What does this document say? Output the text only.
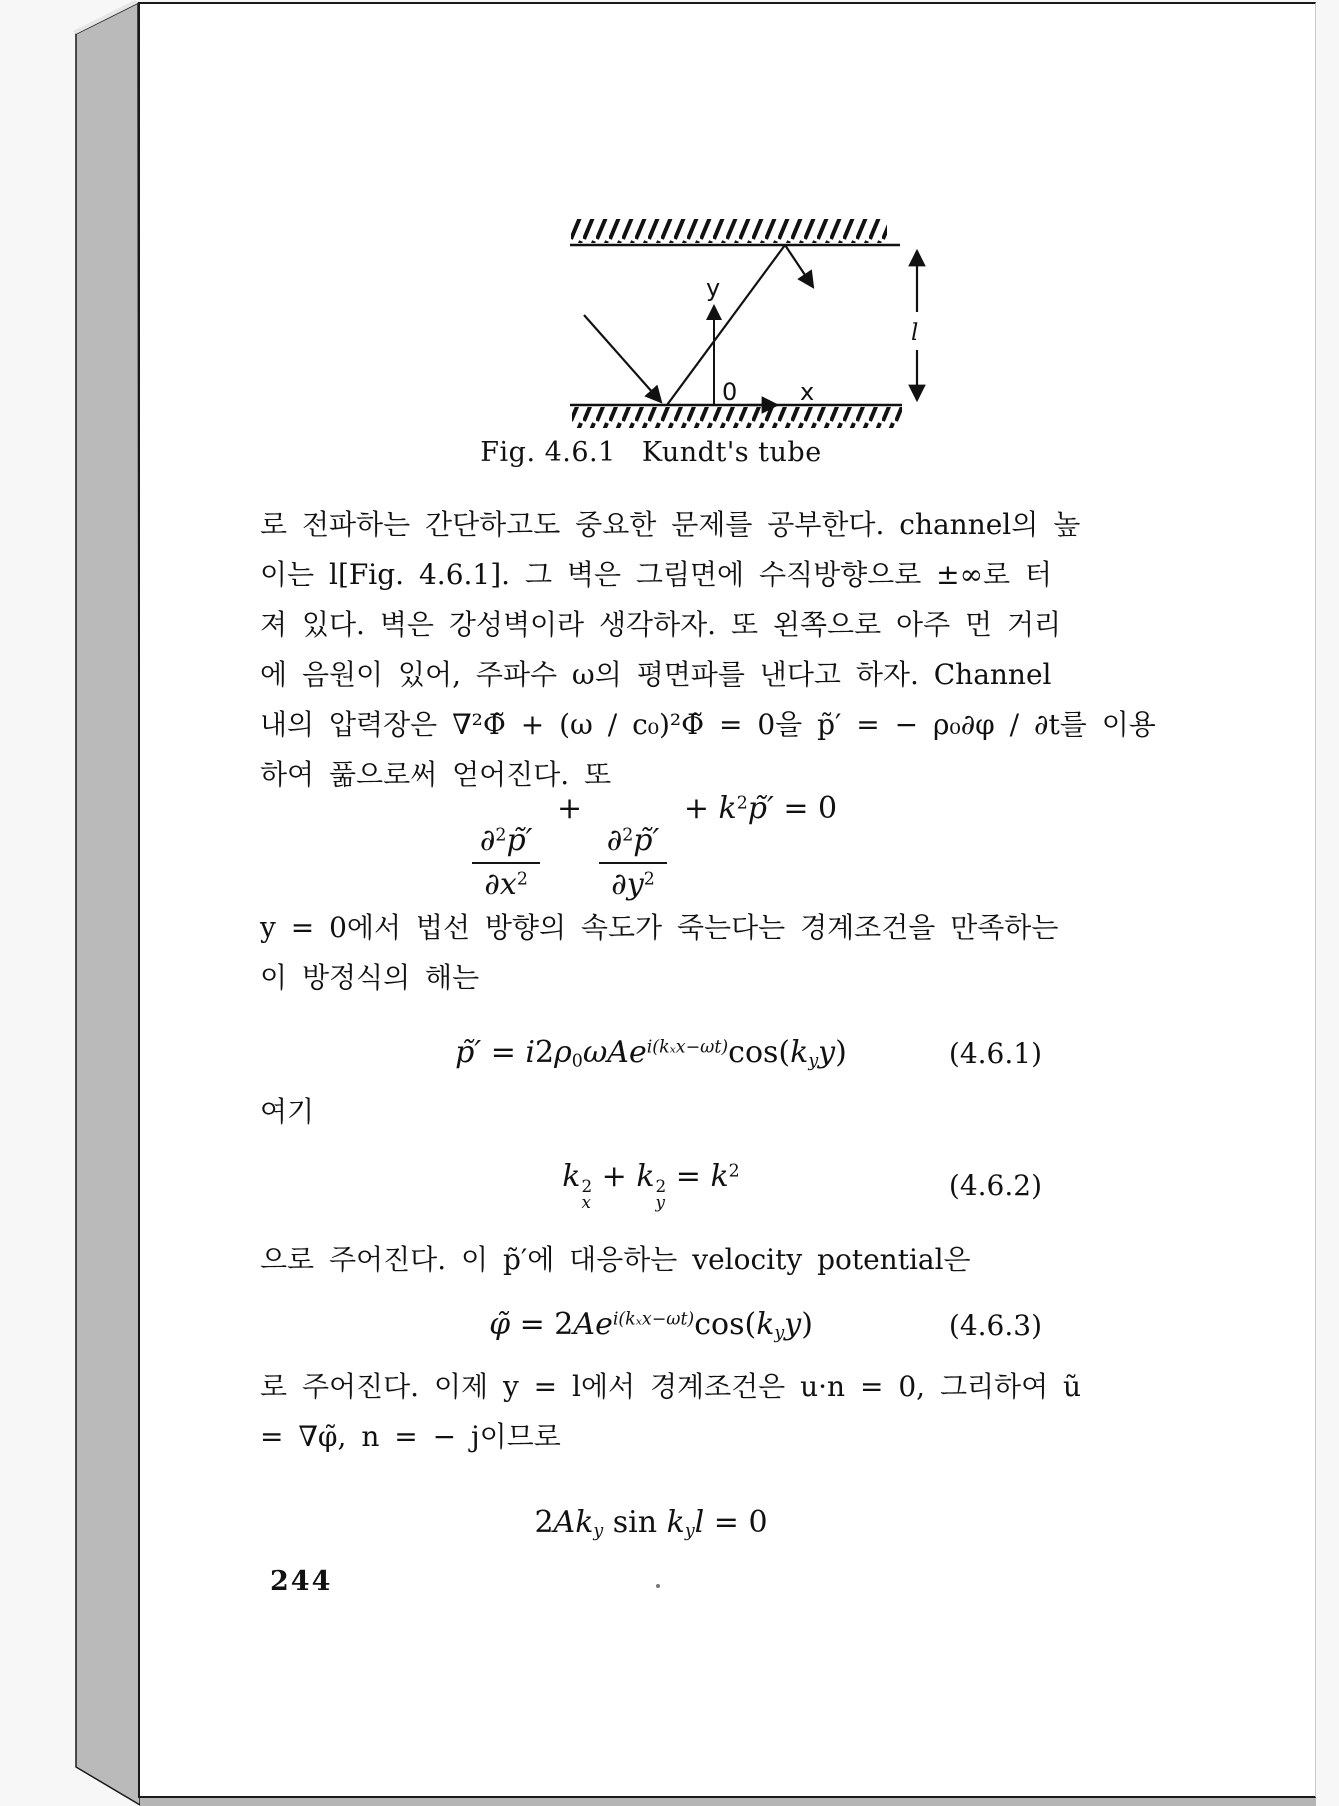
y
0	x
l
Fig. 4.6.1 Kundt's tube
로 전파하는 간단하고도 중요한 문제를 공부한다. channel의 높
이는 l[Fig. 4.6.1]. 그 벽은 그림면에 수직방향으로 ±∞로 터
져 있다. 벽은 강성벽이라 생각하자. 또 왼쪽으로 아주 먼 거리
에 음원이 있어, 주파수 ω의 평면파를 낸다고 하자. Channel
내의 압력장은 ∇²Φ̃ + (ω / c₀)²Φ̃ = 0을 p̃′ = − ρ₀∂φ / ∂t를 이용
하여 풂으로써 얻어진다. 또
$\frac{\partial^2p̃'}{\partial x^2}$
+
$\frac{\partial^2p̃'}{\partial y^2}$
+ $k^2p̃' = 0$
y = 0에서 법선 방향의 속도가 죽는다는 경계조건을 만족하는
이 방정식의 해는
p̃′ = $i2\rho_0\omega Ae^{i(k_xx-\omega t)}\cos(k_yy)$	(4.6.1)
여기
k 2
x
+ k 2
y
= $k^2$	(4.6.2)
으로 주어진다. 이 p̃′에 대응하는 velocity potential은
φ̃ = $2Ae^{i(k_xx-\omega t)}\cos(k_yy)$	(4.6.3)
로 주어진다. 이제 y = l에서 경계조건은 u·n = 0, 그리하여 ũ
= ∇φ̃, n = − j이므로
$2Ak_y$ $\sin k_yl = 0$
244
